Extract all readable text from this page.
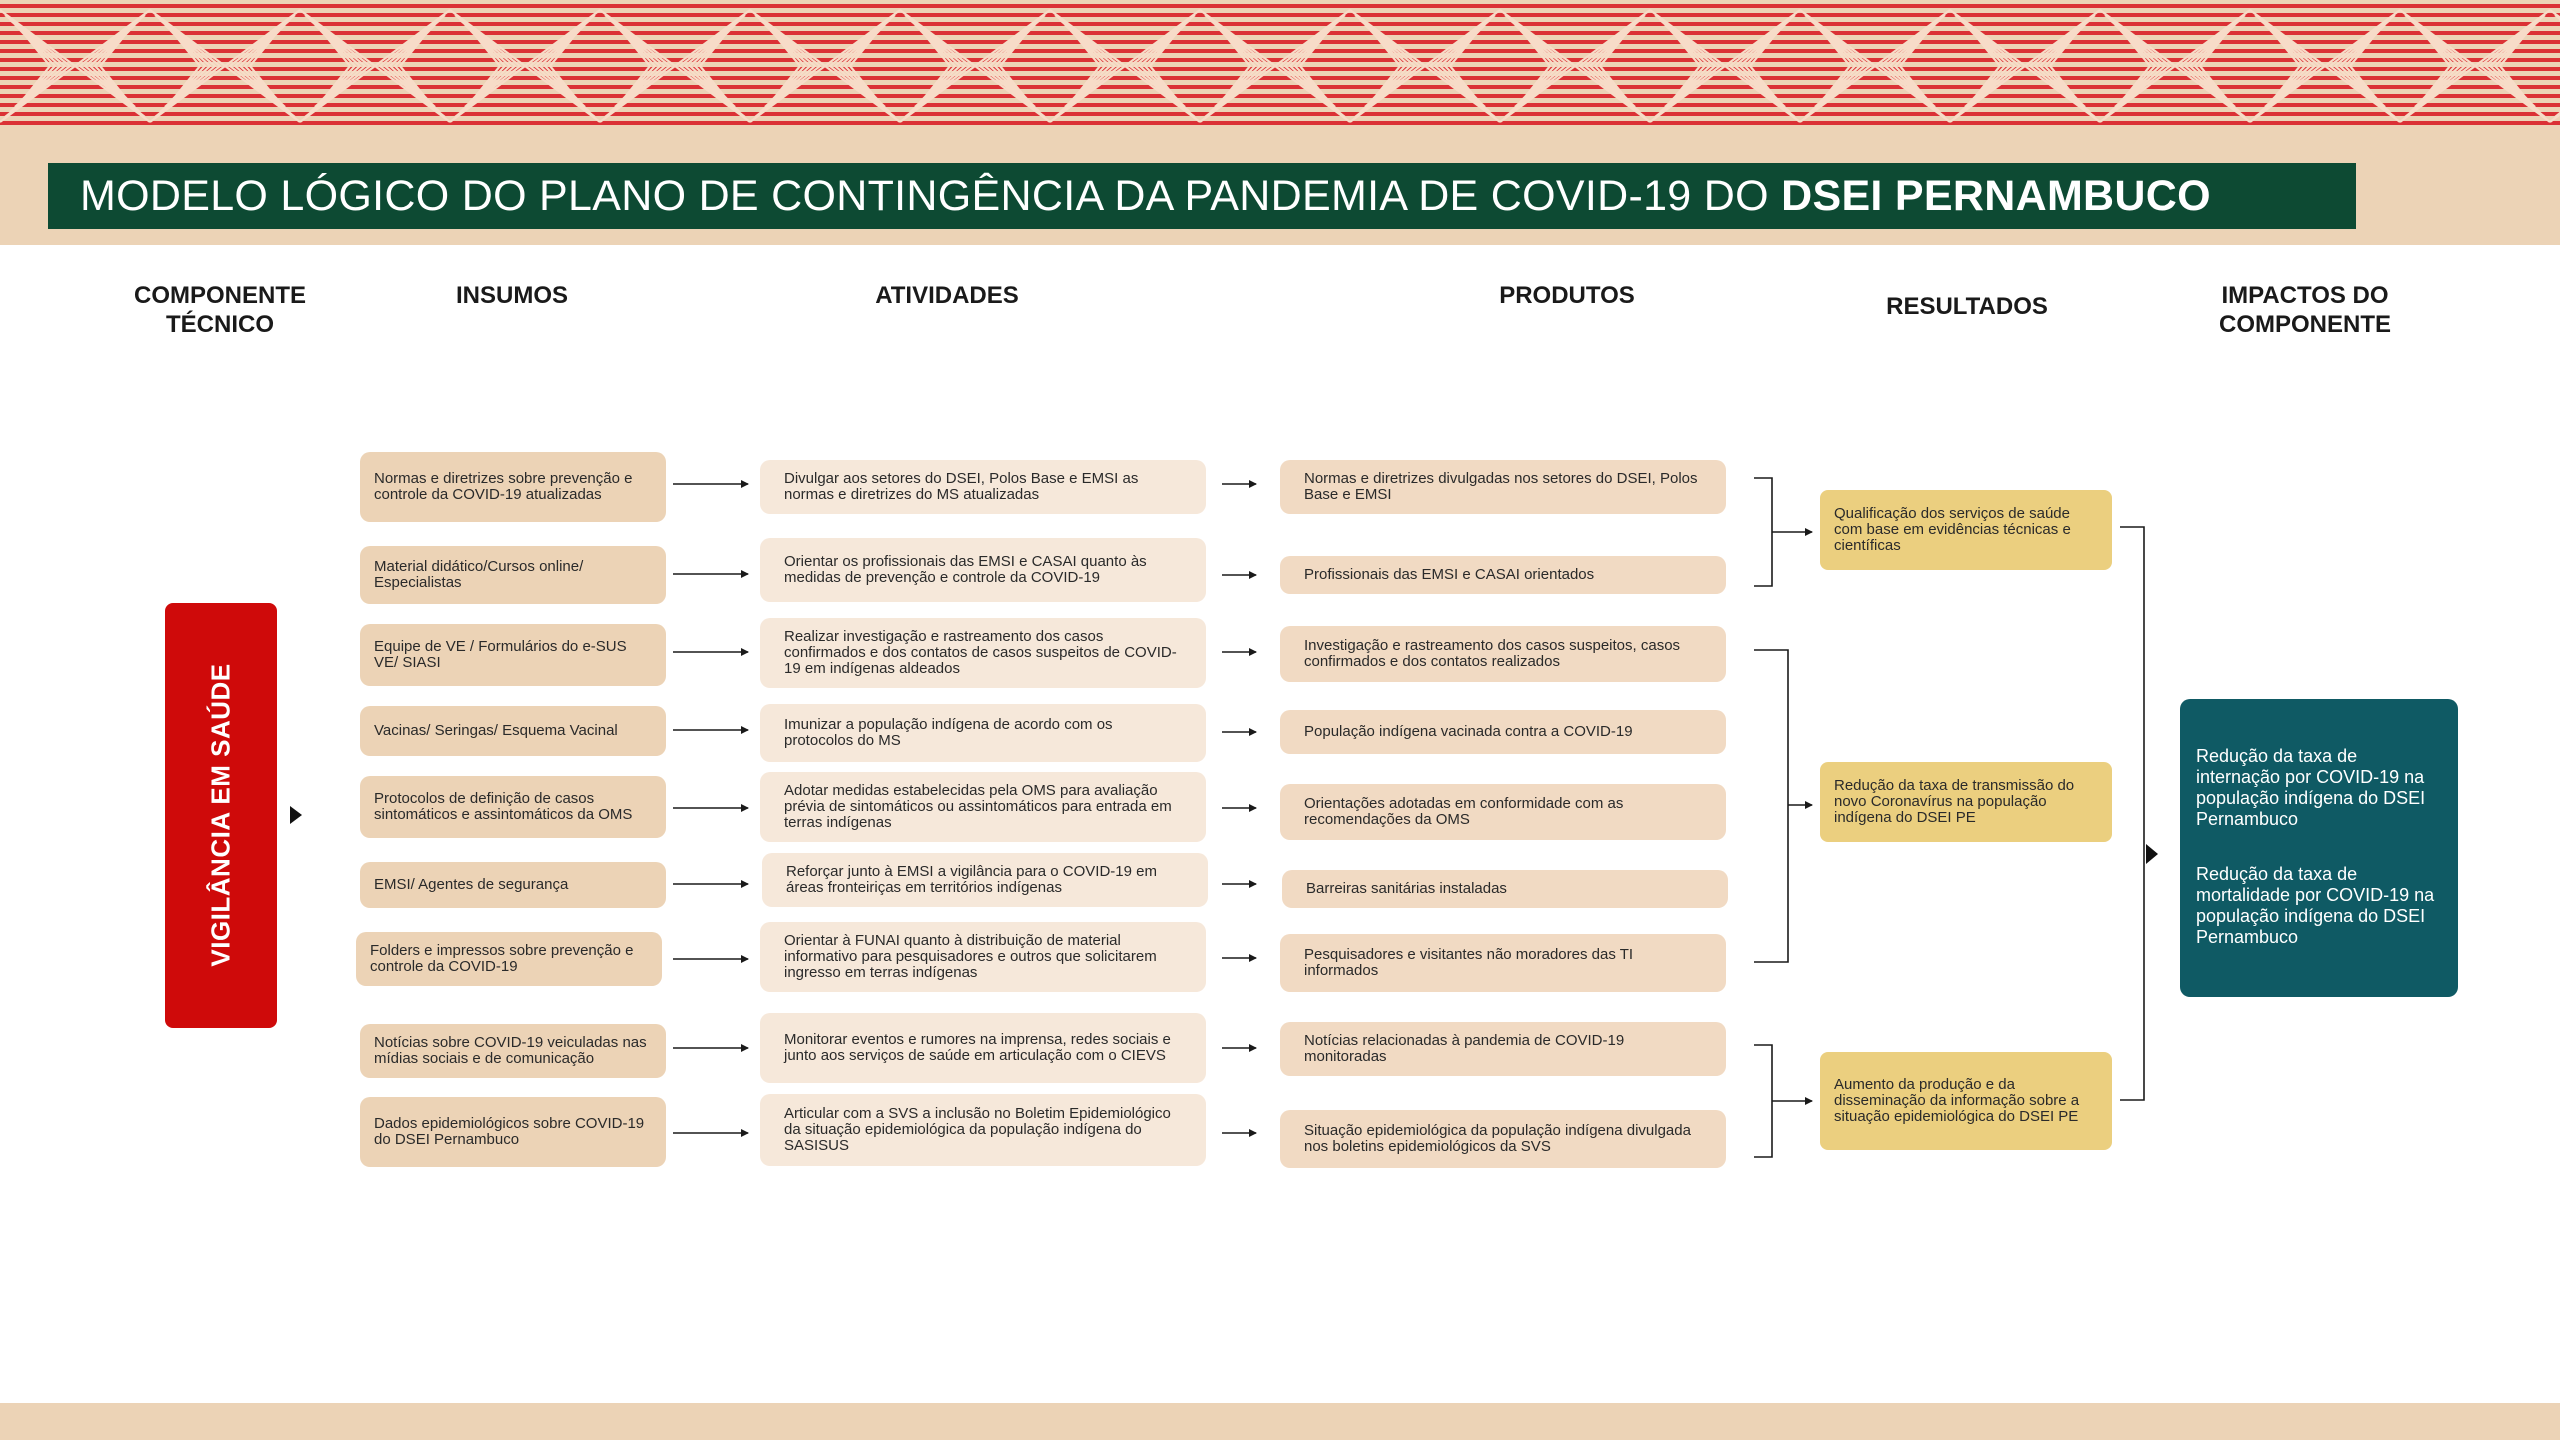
MODELO LÓGICO DO PLANO DE CONTINGÊNCIA DA PANDEMIA DE COVID-19 DO DSEI PERNAMBUCO
COMPONENTE
TÉCNICO
INSUMOS	ATIVIDADES	PRODUTOS	RESULTADOS	IMPACTOS DO
COMPONENTE
VIGILÂNCIA EM SAÚDE
Normas e diretrizes sobre prevenção e controle da COVID-19 atualizadas
Material didático/Cursos online/ Especialistas
Equipe de VE / Formulários do e-SUS VE/ SIASI
Vacinas/ Seringas/ Esquema Vacinal
Protocolos de definição de casos sintomáticos e assintomáticos da OMS
EMSI/ Agentes de segurança
Folders e impressos sobre prevenção e controle da COVID-19
Notícias sobre COVID-19 veiculadas nas mídias sociais e de comunicação
Dados epidemiológicos sobre COVID-19 do DSEI Pernambuco
Divulgar aos setores do DSEI, Polos Base e EMSI as normas e diretrizes do MS atualizadas
Orientar os profissionais das EMSI e CASAI quanto às medidas de prevenção e controle da COVID-19
Realizar investigação e rastreamento dos casos confirmados e dos contatos de casos suspeitos de COVID-19 em indígenas aldeados
Imunizar a população indígena de acordo com os protocolos do MS
Adotar medidas estabelecidas pela OMS para avaliação prévia de sintomáticos ou assintomáticos para entrada em terras indígenas
Reforçar junto à EMSI a vigilância para o COVID-19 em áreas fronteiriças em territórios indígenas
Orientar à FUNAI quanto à distribuição de material informativo para pesquisadores e outros que solicitarem ingresso em terras indígenas
Monitorar eventos e rumores na imprensa, redes sociais e junto aos serviços de saúde em articulação com o CIEVS
Articular com a SVS a inclusão no Boletim Epidemiológico da situação epidemiológica da população indígena do SASISUS
Normas e diretrizes divulgadas nos setores do DSEI, Polos Base e EMSI
Profissionais das EMSI e CASAI orientados
Investigação e rastreamento dos casos suspeitos, casos confirmados e dos contatos realizados
População indígena vacinada contra a COVID-19
Orientações adotadas em conformidade com as recomendações da OMS
Barreiras sanitárias instaladas
Pesquisadores e visitantes não moradores das TI informados
Notícias relacionadas à pandemia de COVID-19 monitoradas
Situação epidemiológica da população indígena divulgada nos boletins epidemiológicos da SVS
Qualificação dos serviços de saúde com base em evidências técnicas e científicas
Redução da taxa de transmissão do novo Coronavírus na população indígena do DSEI PE
Aumento da produção e da disseminação da informação sobre a situação epidemiológica do DSEI PE

Redução da taxa de internação por COVID-19 na população indígena do DSEI Pernambuco

Redução da taxa de mortalidade por COVID-19 na população indígena do DSEI Pernambuco
